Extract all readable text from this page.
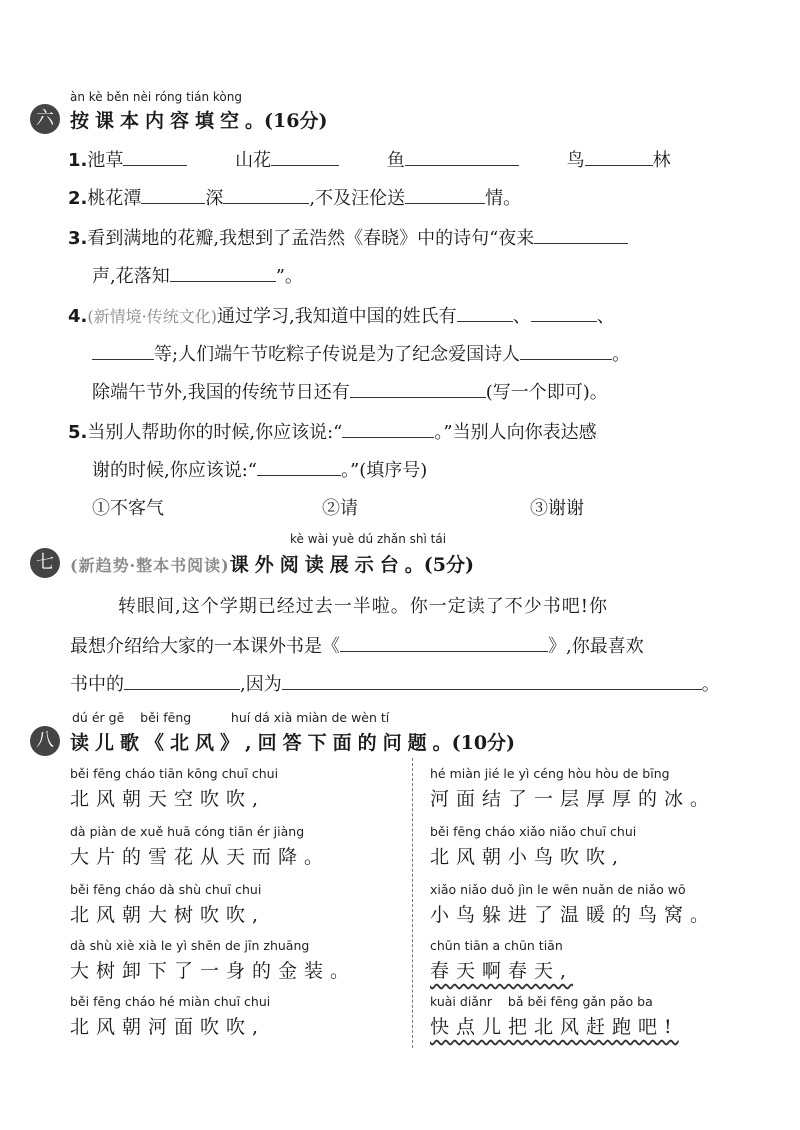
àn kè běn nèi róng tián kòng
六 按课本内容填空。(16分)
1.池草	山花	鱼	鸟	林
2.桃花潭	深	,不及汪伦送	情。
3.看到满地的花瓣,我想到了孟浩然《春晓》中的诗句“夜来
声,花落知	”。
4.(新情境·传统文化)通过学习,我知道中国的姓氏有	、	、
等;人们端午节吃粽子传说是为了纪念爱国诗人	。
除端午节外,我国的传统节日还有	(写一个即可)。
5.当别人帮助你的时候,你应该说:“	。”当别人向你表达感
谢的时候,你应该说:“	。”(填序号)
①不客气	②请	③谢谢
kè wài yuè dú zhǎn shì tái
七	(新趋势·整本书阅读)课外阅读展示台。(5分)
转眼间,这个学期已经过去一半啦。你一定读了不少书吧!你
最想介绍给大家的一本课外书是《	》,你最喜欢
书中的	,因为	。
dú ér gē    běi fēng          huí dá xià miàn de wèn tí
八 读儿歌《北风》,回答下面的问题。(10分)
běi fēng cháo tiān kōng chuī chui
北风朝天空吹吹,
dà piàn de xuě huā cóng tiān ér jiàng
大片的雪花从天而降。
běi fēng cháo dà shù chuī chui
北风朝大树吹吹,
dà shù xiè xià le yì shēn de jīn zhuāng
大树卸下了一身的金装。
běi fēng cháo hé miàn chuī chui
北风朝河面吹吹,
hé miàn jié le yì céng hòu hòu de bīng
河面结了一层厚厚的冰。
běi fēng cháo xiǎo niǎo chuī chui
北风朝小鸟吹吹,
xiǎo niǎo duǒ jìn le wēn nuǎn de niǎo wō
小鸟躲进了温暖的鸟窝。
chūn tiān a chūn tiān
春天啊春天,
kuài diǎnr    bǎ běi fēng gǎn pǎo ba
快点儿把北风赶跑吧!
